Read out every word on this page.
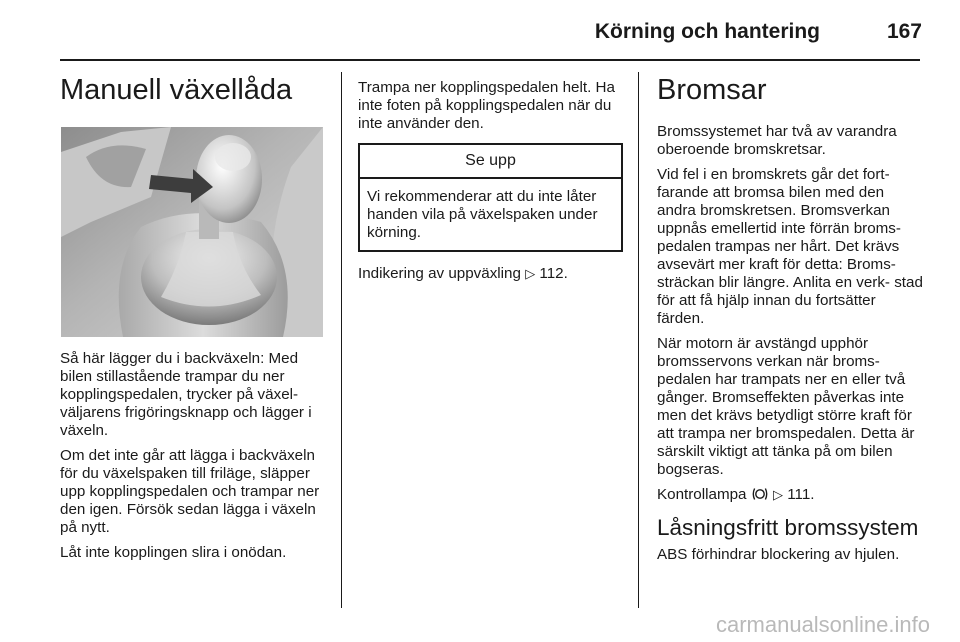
Körning och hantering	167
Manuell växellåda

Så här lägger du i backväxeln: Med bilen stillastående trampar du ner kopplingspedalen, trycker på växel- väljarens frigöringsknapp och lägger i växeln.

Om det inte går att lägga i backväxeln för du växelspaken till friläge, släpper upp kopplingspedalen och trampar ner den igen. Försök sedan lägga i växeln på nytt.

Låt inte kopplingen slira i onödan.

Trampa ner kopplingspedalen helt. Ha inte foten på kopplingspedalen när du inte använder den.

Se upp
Vi rekommenderar att du inte låter handen vila på växelspaken under körning.

Indikering av uppväxling ▷ 112.

Bromsar

Bromssystemet har två av varandra oberoende bromskretsar.

Vid fel i en bromskrets går det fort- farande att bromsa bilen med den andra bromskretsen. Bromsverkan uppnås emellertid inte förrän broms- pedalen trampas ner hårt. Det krävs avsevärt mer kraft för detta: Broms- sträckan blir längre. Anlita en verk- stad för att få hjälp innan du fortsätter färden.

När motorn är avstängd upphör bromsservons verkan när broms- pedalen har trampats ner en eller två gånger. Bromseffekten påverkas inte men det krävs betydligt större kraft för att trampa ner bromspedalen. Detta är särskilt viktigt att tänka på om bilen bogseras.

Kontrollampa ▷ 111.

Låsningsfritt bromssystem

ABS förhindrar blockering av hjulen.

carmanualsonline.info
